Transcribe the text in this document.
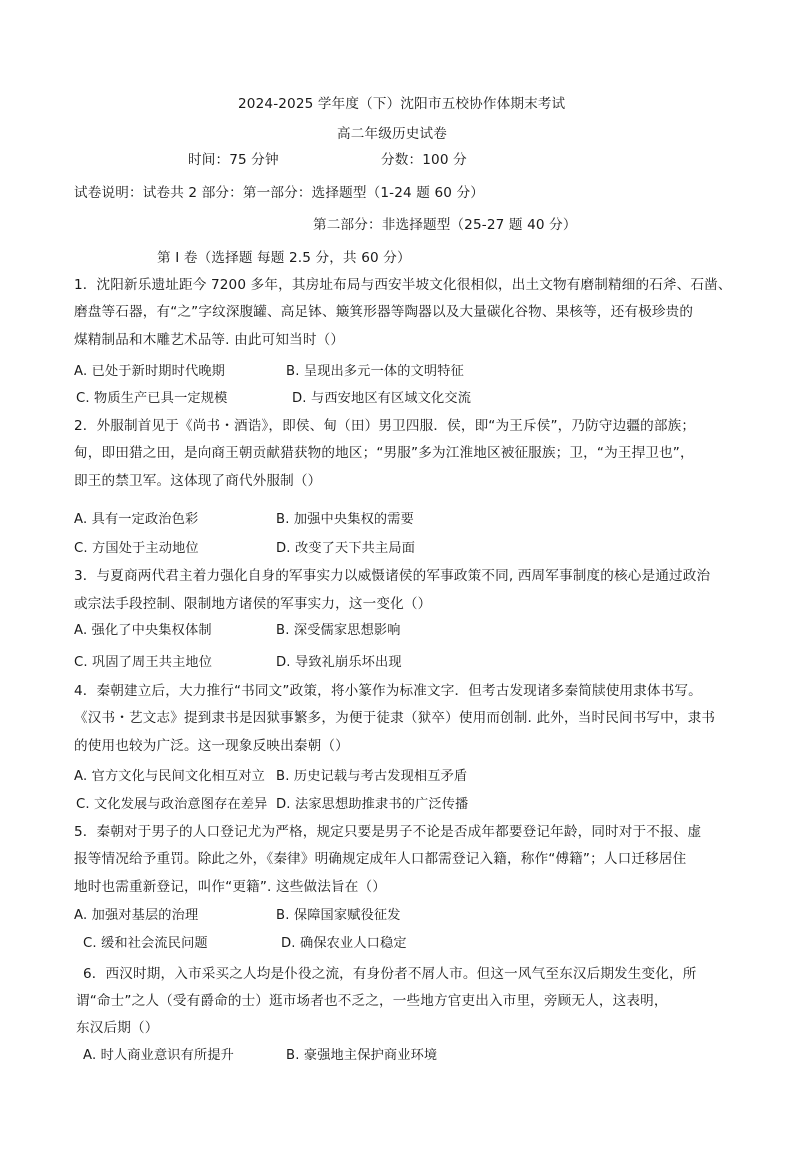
2024-2025 学年度（下）沈阳市五校协作体期末考试
高二年级历史试卷
时间：75 分钟	分数：100 分
试卷说明：试卷共 2 部分：第一部分：选择题型（1-24 题 60 分）
第二部分：非选择题型（25-27 题 40 分）
第 I 卷（选择题 每题 2.5 分，共 60 分）
1．沈阳新乐遗址距今 7200 多年，其房址布局与西安半坡文化很相似，出土文物有磨制精细的石斧、石凿、
磨盘等石器，有“之”字纹深腹罐、高足钵、簸箕形器等陶器以及大量碳化谷物、果核等，还有极珍贵的
煤精制品和木雕艺术品等. 由此可知当时（）
A. 已处于新时期时代晚期	B. 呈现出多元一体的文明特征
C. 物质生产已具一定规模	D. 与西安地区有区域文化交流
2．外服制首见于《尚书・酒诰》，即侯、甸（田）男卫四服．侯，即“为王斥侯”，乃防守边疆的部族；
甸，即田猎之田，是向商王朝贡献猎获物的地区；“男服”多为江淮地区被征服族；卫，“为王捍卫也”，
即王的禁卫军。这体现了商代外服制（）
A. 具有一定政治色彩	B. 加强中央集权的需要
C. 方国处于主动地位	D. 改变了天下共主局面
3．与夏商两代君主着力强化自身的军事实力以威慑诸侯的军事政策不同, 西周军事制度的核心是通过政治
或宗法手段控制、限制地方诸侯的军事实力，这一变化（）
A. 强化了中央集权体制	B. 深受儒家思想影响
C. 巩固了周王共主地位	D. 导致礼崩乐坏出现
4．秦朝建立后，大力推行“书同文”政策，将小篆作为标准文字．但考古发现诸多秦简牍使用隶体书写。
《汉书・艺文志》提到隶书是因狱事繁多，为便于徒隶（狱卒）使用而创制. 此外，当时民间书写中，隶书
的使用也较为广泛。这一现象反映出秦朝（）
A. 官方文化与民间文化相互对立 B. 历史记载与考古发现相互矛盾
C. 文化发展与政治意图存在差异 D. 法家思想助推隶书的广泛传播
5．秦朝对于男子的人口登记尤为严格，规定只要是男子不论是否成年都要登记年龄，同时对于不报、虚
报等情况给予重罚。除此之外，《秦律》明确规定成年人口都需登记入籍，称作“傅籍”；人口迁移居住
地时也需重新登记，叫作“更籍”. 这些做法旨在（）
A. 加强对基层的治理	B. 保障国家赋役征发
C. 缓和社会流民问题	D. 确保农业人口稳定
6．西汉时期，入市采买之人均是仆役之流，有身份者不屑人市。但这一风气至东汉后期发生变化，所
谓“命士”之人（受有爵命的士）逛市场者也不乏之，一些地方官吏出入市里，旁顾无人，这表明，
东汉后期（）
A. 时人商业意识有所提升	B. 豪强地主保护商业环境
